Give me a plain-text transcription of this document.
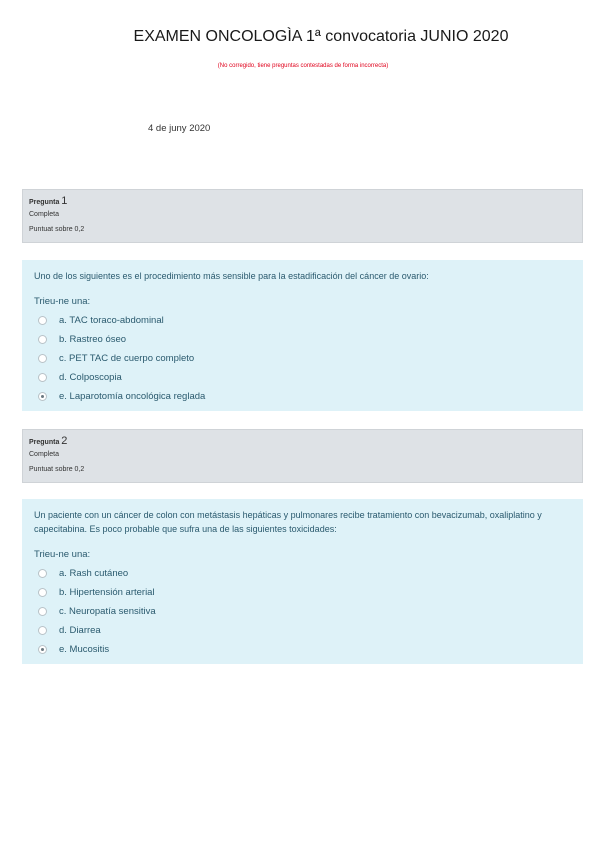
EXAMEN ONCOLOGÌA 1ª convocatoria JUNIO 2020
(No corregido, tiene preguntas contestadas de forma incorrecta)
4 de juny 2020
Pregunta 1
Completa
Puntuat sobre 0,2
Uno de los siguientes es el procedimiento más sensible para la estadificación del cáncer de ovario:
Trieu-ne una:
a. TAC toraco-abdominal
b. Rastreo óseo
c. PET TAC de cuerpo completo
d. Colposcopia
e. Laparotomía oncológica reglada
Pregunta 2
Completa
Puntuat sobre 0,2
Un paciente con un cáncer de colon con metástasis hepáticas y pulmonares recibe tratamiento con bevacizumab, oxaliplatino y capecitabina. Es poco probable que sufra una de las siguientes toxicidades:
Trieu-ne una:
a. Rash cutáneo
b. Hipertensión arterial
c. Neuropatía sensitiva
d. Diarrea
e. Mucositis
